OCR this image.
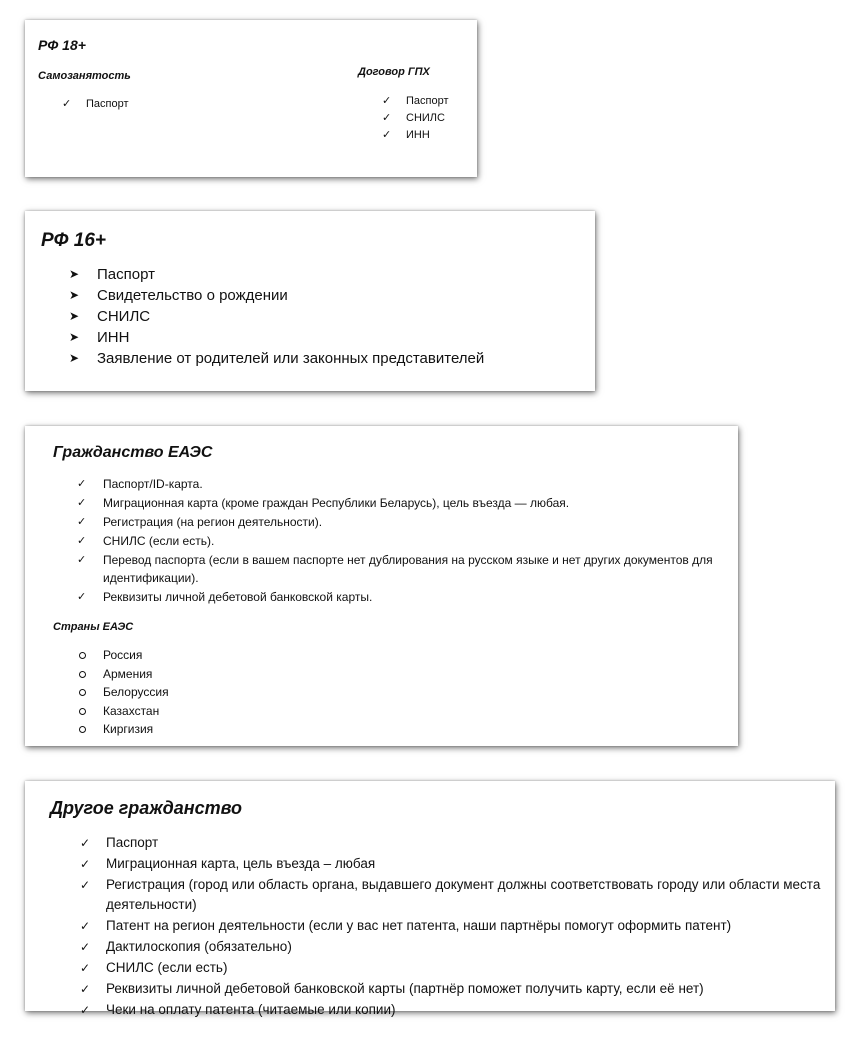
РФ 18+
Самозанятость
✓ Паспорт
Договор ГПХ
✓ Паспорт
✓ СНИЛС
✓ ИНН
РФ 16+
➤ Паспорт
➤ Свидетельство о рождении
➤ СНИЛС
➤ ИНН
➤ Заявление от родителей или законных представителей
Гражданство ЕАЭС
✓ Паспорт/ID-карта.
✓ Миграционная карта (кроме граждан Республики Беларусь), цель въезда — любая.
✓ Регистрация (на регион деятельности).
✓ СНИЛС (если есть).
✓ Перевод паспорта (если в вашем паспорте нет дублирования на русском языке и нет других документов для идентификации).
✓ Реквизиты личной дебетовой банковской карты.
Страны ЕАЭС
Россия
Армения
Белоруссия
Казахстан
Киргизия
Другое гражданство
✓ Паспорт
✓ Миграционная карта, цель въезда – любая
✓ Регистрация (город или область органа, выдавшего документ должны соответствовать городу или области места деятельности)
✓ Патент на регион деятельности (если у вас нет патента, наши партнёры помогут оформить патент)
✓ Дактилоскопия (обязательно)
✓ СНИЛС (если есть)
✓ Реквизиты личной дебетовой банковской карты (партнёр поможет получить карту, если её нет)
✓ Чеки на оплату патента (читаемые или копии)
